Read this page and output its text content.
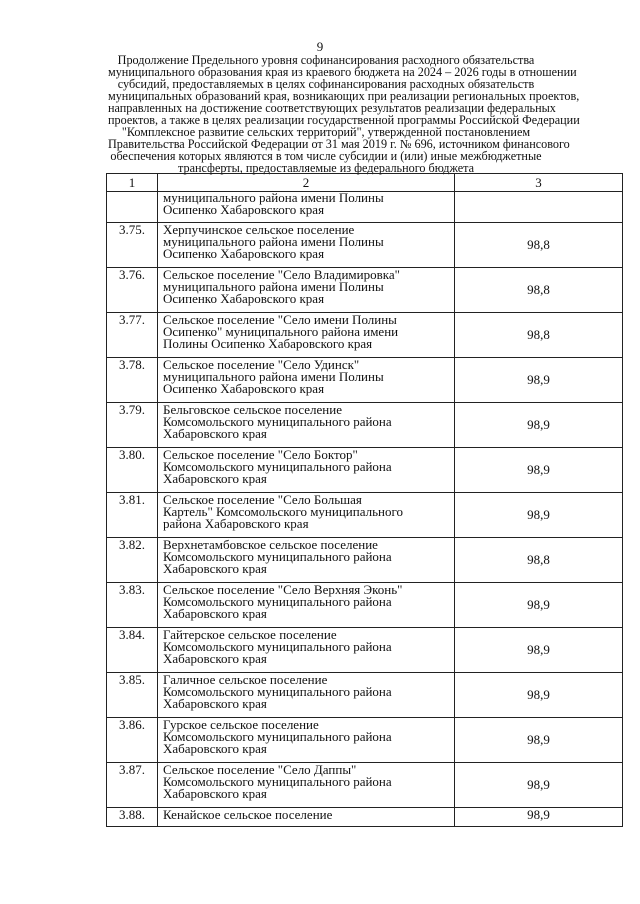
9
Продолжение Предельного уровня софинансирования расходного обязательства
муниципального образования края из краевого бюджета на 2024 – 2026 годы в отношении
субсидий, предоставляемых в целях софинансирования расходных обязательств
муниципальных образований края, возникающих при реализации региональных проектов,
направленных на достижение соответствующих результатов реализации федеральных
проектов, а также в целях реализации государственной программы Российской Федерации
"Комплексное развитие сельских территорий", утвержденной постановлением
Правительства Российской Федерации от 31 мая 2019 г. № 696, источником финансового
обеспечения которых являются в том числе субсидии и (или) иные межбюджетные
трансферты, предоставляемые из федерального бюджета
1	2	3

	муниципального района имени Полины
Осипенко Хабаровского края	

3.75.	Херпучинское сельское поселение
муниципального района имени Полины
Осипенко Хабаровского края	98,8
3.76.	Сельское поселение "Село Владимировка"
муниципального района имени Полины
Осипенко Хабаровского края	98,8
3.77.	Сельское поселение "Село имени Полины
Осипенко" муниципального района имени
Полины Осипенко Хабаровского края	98,8
3.78.	Сельское поселение "Село Удинск"
муниципального района имени Полины
Осипенко Хабаровского края	98,9
3.79.	Бельговское сельское поселение
Комсомольского муниципального района
Хабаровского края	98,9
3.80.	Сельское поселение "Село Боктор"
Комсомольского муниципального района
Хабаровского края	98,9
3.81.	Сельское поселение "Село Большая
Картель" Комсомольского муниципального
района Хабаровского края	98,9
3.82.	Верхнетамбовское сельское поселение
Комсомольского муниципального района
Хабаровского края	98,8
3.83.	Сельское поселение "Село Верхняя Эконь"
Комсомольского муниципального района
Хабаровского края	98,9
3.84.	Гайтерское сельское поселение
Комсомольского муниципального района
Хабаровского края	98,9
3.85.	Галичное сельское поселение
Комсомольского муниципального района
Хабаровского края	98,9
3.86.	Гурское сельское поселение
Комсомольского муниципального района
Хабаровского края	98,9
3.87.	Сельское поселение "Село Даппы"
Комсомольского муниципального района
Хабаровского края	98,9
3.88.	Кенайское сельское поселение	98,9
